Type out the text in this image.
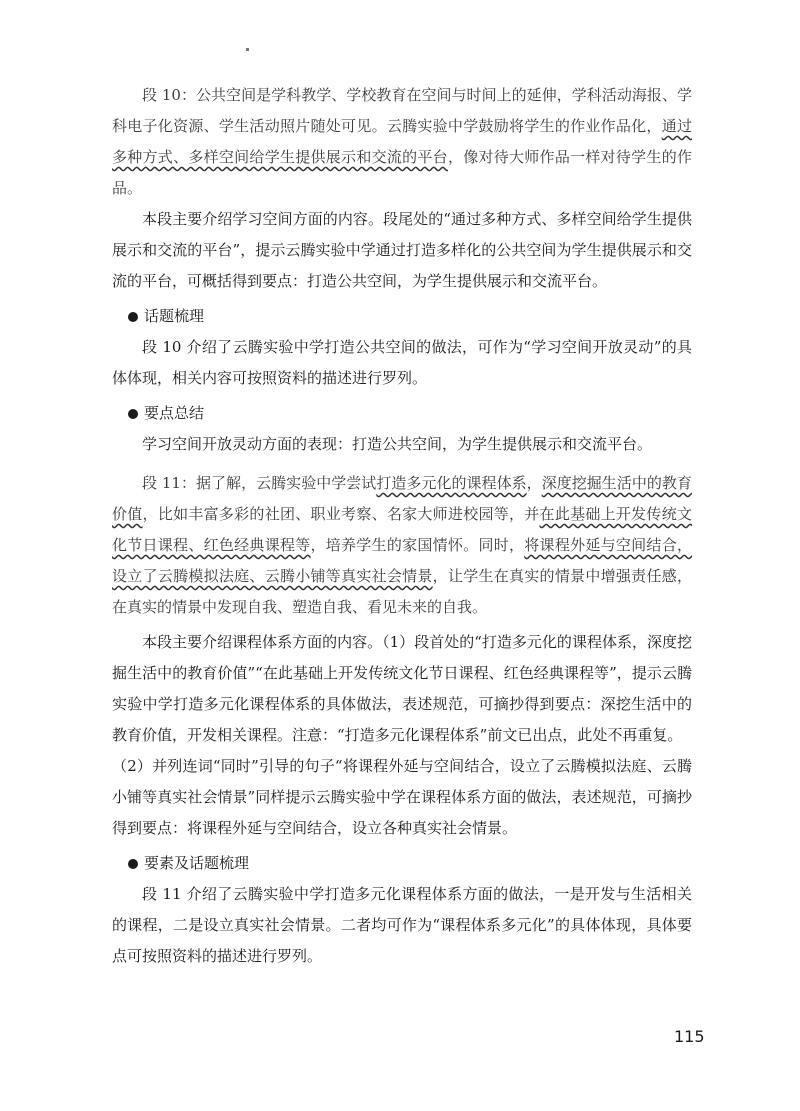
段 10：公共空间是学科教学、学校教育在空间与时间上的延伸，学科活动海报、学科电子化资源、学生活动照片随处可见。云腾实验中学鼓励将学生的作业作品化，通过多种方式、多样空间给学生提供展示和交流的平台，像对待大师作品一样对待学生的作品。

本段主要介绍学习空间方面的内容。段尾处的“通过多种方式、多样空间给学生提供展示和交流的平台”，提示云腾实验中学通过打造多样化的公共空间为学生提供展示和交流的平台，可概括得到要点：打造公共空间，为学生提供展示和交流平台。

话题梳理

段 10 介绍了云腾实验中学打造公共空间的做法，可作为“学习空间开放灵动”的具体体现，相关内容可按照资料的描述进行罗列。

要点总结

学习空间开放灵动方面的表现：打造公共空间，为学生提供展示和交流平台。

段 11：据了解，云腾实验中学尝试打造多元化的课程体系，深度挖掘生活中的教育价值，比如丰富多彩的社团、职业考察、名家大师进校园等，并在此基础上开发传统文化节日课程、红色经典课程等，培养学生的家国情怀。同时，将课程外延与空间结合，设立了云腾模拟法庭、云腾小铺等真实社会情景，让学生在真实的情景中增强责任感，在真实的情景中发现自我、塑造自我、看见未来的自我。

本段主要介绍课程体系方面的内容。（1）段首处的“打造多元化的课程体系，深度挖掘生活中的教育价值”“在此基础上开发传统文化节日课程、红色经典课程等”，提示云腾实验中学打造多元化课程体系的具体做法，表述规范，可摘抄得到要点：深挖生活中的教育价值，开发相关课程。注意：“打造多元化课程体系”前文已出点，此处不再重复。

（2）并列连词“同时”引导的句子“将课程外延与空间结合，设立了云腾模拟法庭、云腾小铺等真实社会情景”同样提示云腾实验中学在课程体系方面的做法，表述规范，可摘抄得到要点：将课程外延与空间结合，设立各种真实社会情景。

要素及话题梳理

段 11 介绍了云腾实验中学打造多元化课程体系方面的做法，一是开发与生活相关的课程，二是设立真实社会情景。二者均可作为“课程体系多元化”的具体体现，具体要点可按照资料的描述进行罗列。

115
